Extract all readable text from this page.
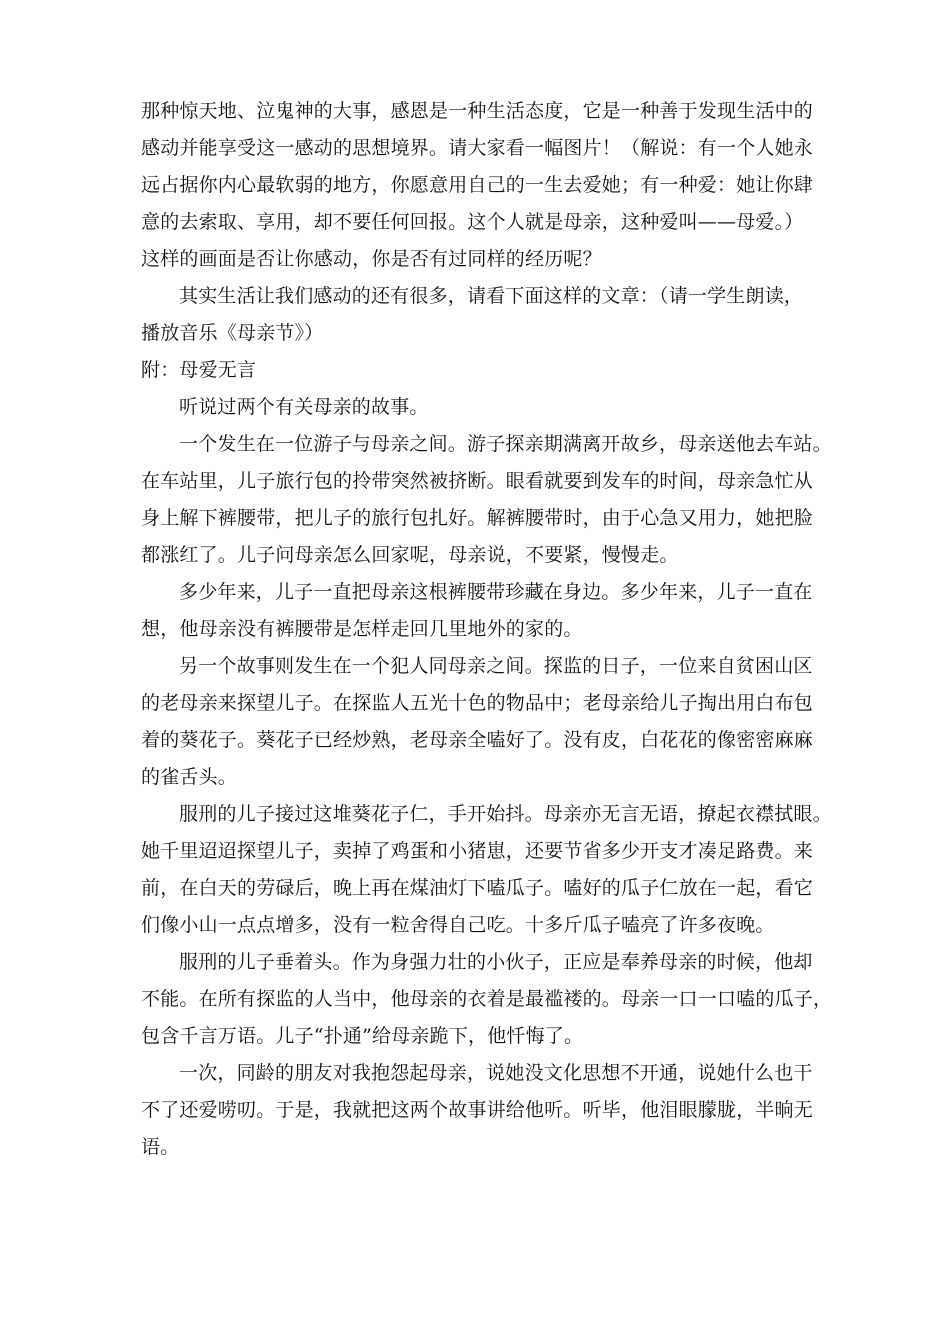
那种惊天地、泣鬼神的大事，感恩是一种生活态度，它是一种善于发现生活中的
感动并能享受这一感动的思想境界。请大家看一幅图片！（解说：有一个人她永
远占据你内心最软弱的地方，你愿意用自己的一生去爱她；有一种爱：她让你肆
意的去索取、享用，却不要任何回报。这个人就是母亲，这种爱叫——母爱。）
这样的画面是否让你感动，你是否有过同样的经历呢？
其实生活让我们感动的还有很多，请看下面这样的文章：（请一学生朗读，
播放音乐《母亲节》）
附：母爱无言
听说过两个有关母亲的故事。
一个发生在一位游子与母亲之间。游子探亲期满离开故乡，母亲送他去车站。
在车站里，儿子旅行包的拎带突然被挤断。眼看就要到发车的时间，母亲急忙从
身上解下裤腰带，把儿子的旅行包扎好。解裤腰带时，由于心急又用力，她把脸
都涨红了。儿子问母亲怎么回家呢，母亲说，不要紧，慢慢走。
多少年来，儿子一直把母亲这根裤腰带珍藏在身边。多少年来，儿子一直在
想，他母亲没有裤腰带是怎样走回几里地外的家的。
另一个故事则发生在一个犯人同母亲之间。探监的日子，一位来自贫困山区
的老母亲来探望儿子。在探监人五光十色的物品中；老母亲给儿子掏出用白布包
着的葵花子。葵花子已经炒熟，老母亲全嗑好了。没有皮，白花花的像密密麻麻
的雀舌头。
服刑的儿子接过这堆葵花子仁，手开始抖。母亲亦无言无语，撩起衣襟拭眼。
她千里迢迢探望儿子，卖掉了鸡蛋和小猪崽，还要节省多少开支才凑足路费。来
前，在白天的劳碌后，晚上再在煤油灯下嗑瓜子。嗑好的瓜子仁放在一起，看它
们像小山一点点增多，没有一粒舍得自己吃。十多斤瓜子嗑亮了许多夜晚。
服刑的儿子垂着头。作为身强力壮的小伙子，正应是奉养母亲的时候，他却
不能。在所有探监的人当中，他母亲的衣着是最褴褛的。母亲一口一口嗑的瓜子，
包含千言万语。儿子“扑通”给母亲跪下，他忏悔了。
一次，同龄的朋友对我抱怨起母亲，说她没文化思想不开通，说她什么也干
不了还爱唠叨。于是，我就把这两个故事讲给他听。听毕，他泪眼朦胧，半晌无
语。
